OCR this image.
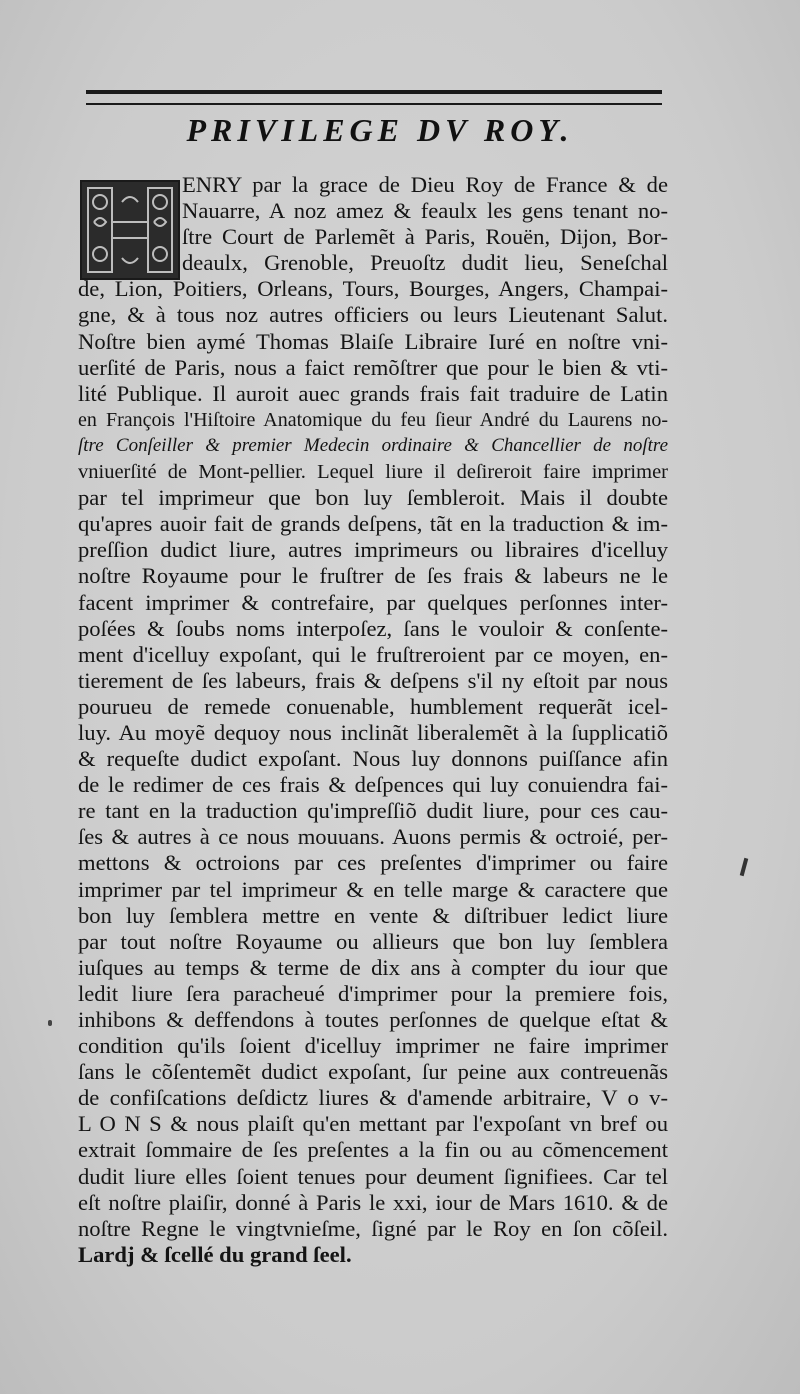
PRIVILEGE DV ROY.
ENRY par la grace de Dieu Roy de France & de
Nauarre, A noz amez & feaulx les gens tenant no-
ſtre Court de Parlemẽt à Paris, Rouën, Dijon, Bor-
deaulx, Grenoble, Preuoſtz dudit lieu, Seneſchal
de, Lion, Poitiers, Orleans, Tours, Bourges, Angers, Champai-
gne, & à tous noz autres officiers ou leurs Lieutenant Salut.
Noſtre bien aymé Thomas Blaiſe Libraire Iuré en noſtre vni-
uerſité de Paris, nous a faict remõſtrer que pour le bien & vti-
lité Publique. Il auroit auec grands frais fait traduire de Latin
en François l'Hiſtoire Anatomique du feu ſieur André du Laurens no-
ſtre Conſeiller & premier Medecin ordinaire & Chancellier de noſtre
vniuerſité de Mont-pellier. Lequel liure il deſireroit faire imprimer
par tel imprimeur que bon luy ſembleroit. Mais il doubte
qu'apres auoir fait de grands deſpens, tãt en la traduction & im-
preſſion dudict liure, autres imprimeurs ou libraires d'icelluy
noſtre Royaume pour le fruſtrer de ſes frais & labeurs ne le
facent imprimer & contrefaire, par quelques perſonnes inter-
poſées & ſoubs noms interpoſez, ſans le vouloir & conſente-
ment d'icelluy expoſant, qui le fruſtreroient par ce moyen, en-
tierement de ſes labeurs, frais & deſpens s'il ny eſtoit par nous
pourueu de remede conuenable, humblement requerãt icel-
luy. Au moyẽ dequoy nous inclinãt liberalemẽt à la ſupplicatiõ
& requeſte dudict expoſant. Nous luy donnons puiſſance afin
de le redimer de ces frais & deſpences qui luy conuiendra fai-
re tant en la traduction qu'impreſſiõ dudit liure, pour ces cau-
ſes & autres à ce nous mouuans. Auons permis & octroié, per-
mettons & octroions par ces preſentes d'imprimer ou faire
imprimer par tel imprimeur & en telle marge & caractere que
bon luy ſemblera mettre en vente & diſtribuer ledict liure
par tout noſtre Royaume ou allieurs que bon luy ſemblera
iuſques au temps & terme de dix ans à compter du iour que
ledit liure ſera paracheué d'imprimer pour la premiere fois,
inhibons & deffendons à toutes perſonnes de quelque eſtat &
condition qu'ils ſoient d'icelluy imprimer ne faire imprimer
ſans le cõſentemẽt dudict expoſant, ſur peine aux contreuenãs
de confiſcations deſdictz liures & d'amende arbitraire, V o v-
L O N S & nous plaiſt qu'en mettant par l'expoſant vn bref ou
extrait ſommaire de ſes preſentes a la fin ou au cõmencement
dudit liure elles ſoient tenues pour deument ſignifiees. Car tel
eſt noſtre plaiſir, donné à Paris le xxi, iour de Mars 1610. & de
noſtre Regne le vingtvnieſme, ſigné par le Roy en ſon cõſeil.
Lardj & ſcellé du grand ſeel.
